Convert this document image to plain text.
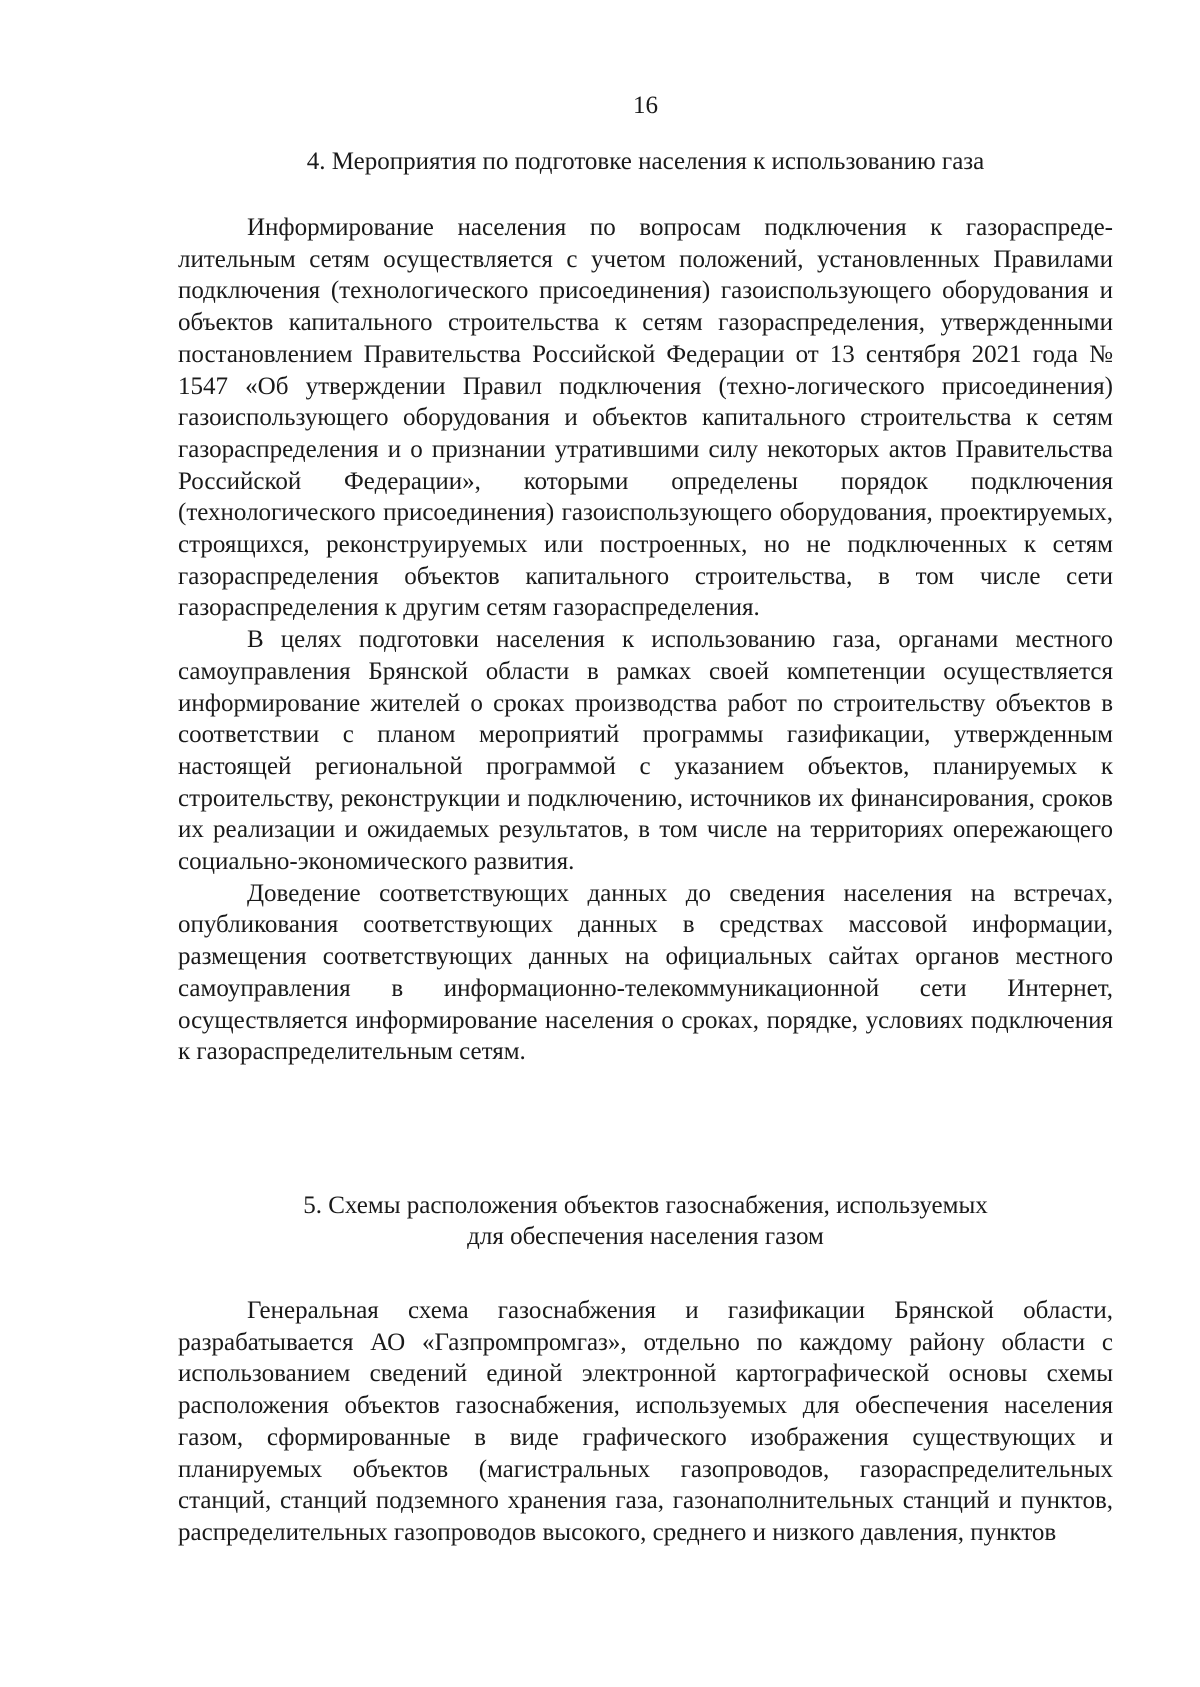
16
4. Мероприятия по подготовке населения к использованию газа

Информирование населения по вопросам подключения к газораспределительным сетям осуществляется с учетом положений, установленных Правилами подключения (технологического присоединения) газоиспользующего оборудования и объектов капитального строительства к сетям газораспределения, утвержденными постановлением Правительства Российской Федерации от 13 сентября 2021 года № 1547 «Об утверждении Правил подключения (техно-логического присоединения) газоиспользующего оборудования и объектов капитального строительства к сетям газораспределения и о признании утратившими силу некоторых актов Правительства Российской Федерации», которыми определены порядок подключения (технологического присоединения) газоиспользующего оборудования, проектируемых, строящихся, реконструируемых или построенных, но не подключенных к сетям газораспределения объектов капитального строительства, в том числе сети газораспределения к другим сетям газораспределения.

В целях подготовки населения к использованию газа, органами местного самоуправления Брянской области в рамках своей компетенции осуществляется информирование жителей о сроках производства работ по строительству объектов в соответствии с планом мероприятий программы газификации, утвержденным настоящей региональной программой с указанием объектов, планируемых к строительству, реконструкции и подключению, источников их финансирования, сроков их реализации и ожидаемых результатов, в том числе на территориях опережающего социально-экономического развития.

Доведение соответствующих данных до сведения населения на встречах, опубликования соответствующих данных в средствах массовой информации, размещения соответствующих данных на официальных сайтах органов местного самоуправления в информационно-телекоммуникационной сети Интернет, осуществляется информирование населения о сроках, порядке, условиях подключения к газораспределительным сетям.

5. Схемы расположения объектов газоснабжения, используемых
для обеспечения населения газом

Генеральная схема газоснабжения и газификации Брянской области, разрабатывается АО «Газпромпромгаз», отдельно по каждому району области с использованием сведений единой электронной картографической основы схемы расположения объектов газоснабжения, используемых для обеспечения населения газом, сформированные в виде графического изображения существующих и планируемых объектов (магистральных газопроводов, газораспределительных станций, станций подземного хранения газа, газонаполнительных станций и пунктов, распределительных газопроводов высокого, среднего и низкого давления, пунктов
